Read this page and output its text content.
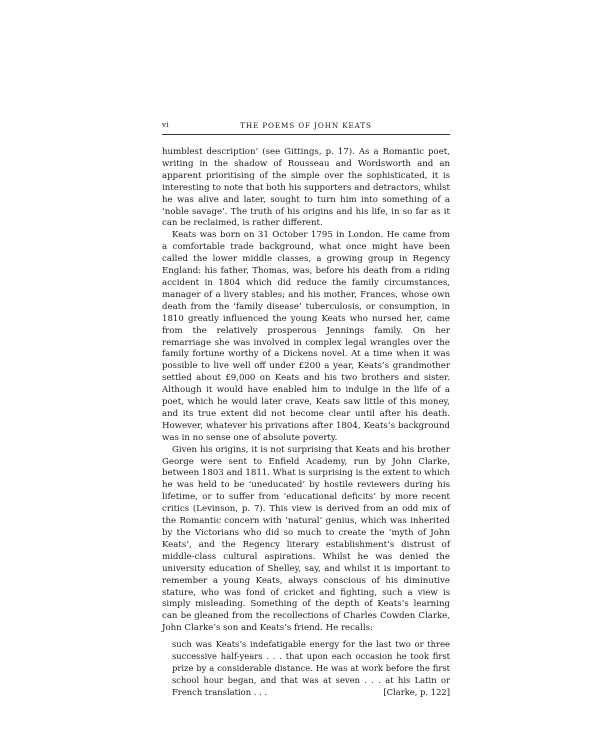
vi	THE POEMS OF JOHN KEATS

humblest description’ (see Gittings, p. 17). As a Romantic poet, writing in the shadow of Rousseau and Wordsworth and an apparent prioritising of the simple over the sophisticated, it is interesting to note that both his supporters and detractors, whilst he was alive and later, sought to turn him into something of a ‘noble savage’. The truth of his origins and his life, in so far as it can be reclaimed, is rather different.

Keats was born on 31 October 1795 in London. He came from a comfortable trade background, what once might have been called the lower middle classes, a growing group in Regency England: his father, Thomas, was, before his death from a riding accident in 1804 which did reduce the family circumstances, manager of a livery stables; and his mother, Frances, whose own death from the ‘family disease’ tuberculosis, or consumption, in 1810 greatly influenced the young Keats who nursed her, came from the relatively prosperous Jennings family. On her remarriage she was involved in complex legal wrangles over the family fortune worthy of a Dickens novel. At a time when it was possible to live well off under £200 a year, Keats’s grandmother settled about £9,000 on Keats and his two brothers and sister. Although it would have enabled him to indulge in the life of a poet, which he would later crave, Keats saw little of this money, and its true extent did not become clear until after his death. However, whatever his privations after 1804, Keats’s background was in no sense one of absolute poverty.

Given his origins, it is not surprising that Keats and his brother George were sent to Enfield Academy, run by John Clarke, between 1803 and 1811. What is surprising is the extent to which he was held to be ‘uneducated’ by hostile reviewers during his lifetime, or to suffer from ‘educational deficits’ by more recent critics (Levinson, p. 7). This view is derived from an odd mix of the Romantic concern with ‘natural’ genius, which was inherited by the Victorians who did so much to create the ‘myth of John Keats’, and the Regency literary establishment’s distrust of middle-class cultural aspirations. Whilst he was denied the university education of Shelley, say, and whilst it is important to remember a young Keats, always conscious of his diminutive stature, who was fond of cricket and fighting, such a view is simply misleading. Something of the depth of Keats’s learning can be gleaned from the recollections of Charles Cowden Clarke, John Clarke’s son and Keats’s friend. He recalls:

such was Keats’s indefatigable energy for the last two or three successive half-years . . . that upon each occasion he took first prize by a considerable distance. He was at work before the first school hour began, and that was at seven . . . at his Latin or French translation . . .	[Clarke, p. 122]
